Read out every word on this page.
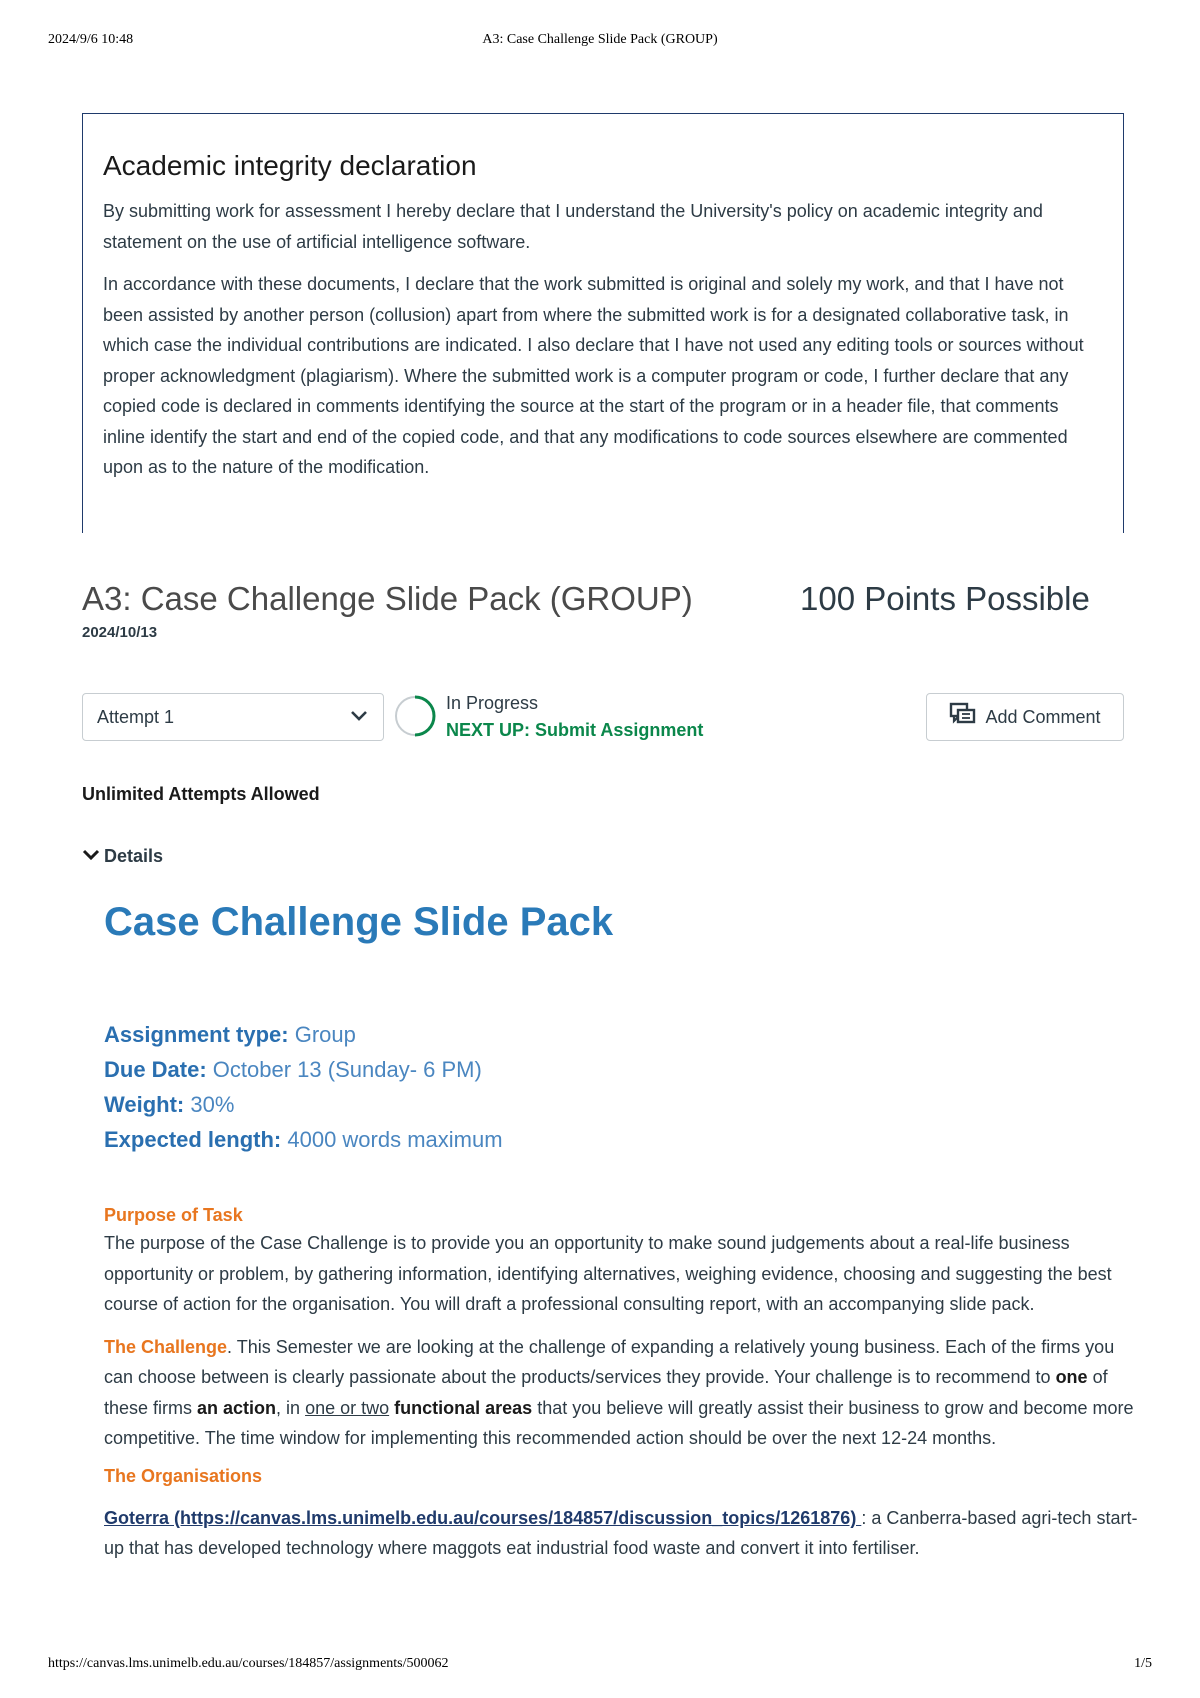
2024/9/6 10:48	A3: Case Challenge Slide Pack (GROUP)
Academic integrity declaration

By submitting work for assessment I hereby declare that I understand the University's policy on academic integrity and statement on the use of artificial intelligence software.

In accordance with these documents, I declare that the work submitted is original and solely my work, and that I have not been assisted by another person (collusion) apart from where the submitted work is for a designated collaborative task, in which case the individual contributions are indicated. I also declare that I have not used any editing tools or sources without proper acknowledgment (plagiarism). Where the submitted work is a computer program or code, I further declare that any copied code is declared in comments identifying the source at the start of the program or in a header file, that comments inline identify the start and end of the copied code, and that any modifications to code sources elsewhere are commented upon as to the nature of the modification.

A3: Case Challenge Slide Pack (GROUP)	100 Points Possible
2024/10/13
Attempt 1
In Progress
NEXT UP: Submit Assignment
Add Comment
Unlimited Attempts Allowed
Details
Case Challenge Slide Pack
Assignment type: Group
Due Date: October 13 (Sunday- 6 PM)
Weight: 30%
Expected length: 4000 words maximum
Purpose of Task

The purpose of the Case Challenge is to provide you an opportunity to make sound judgements about a real-life business opportunity or problem, by gathering information, identifying alternatives, weighing evidence, choosing and suggesting the best course of action for the organisation. You will draft a professional consulting report, with an accompanying slide pack.

The Challenge. This Semester we are looking at the challenge of expanding a relatively young business. Each of the firms you can choose between is clearly passionate about the products/services they provide. Your challenge is to recommend to one of these firms an action, in one or two functional areas that you believe will greatly assist their business to grow and become more competitive. The time window for implementing this recommended action should be over the next 12-24 months.

The Organisations

Goterra (https://canvas.lms.unimelb.edu.au/courses/184857/discussion_topics/1261876) : a Canberra-based agri-tech start-up that has developed technology where maggots eat industrial food waste and convert it into fertiliser.

https://canvas.lms.unimelb.edu.au/courses/184857/assignments/500062	1/5
